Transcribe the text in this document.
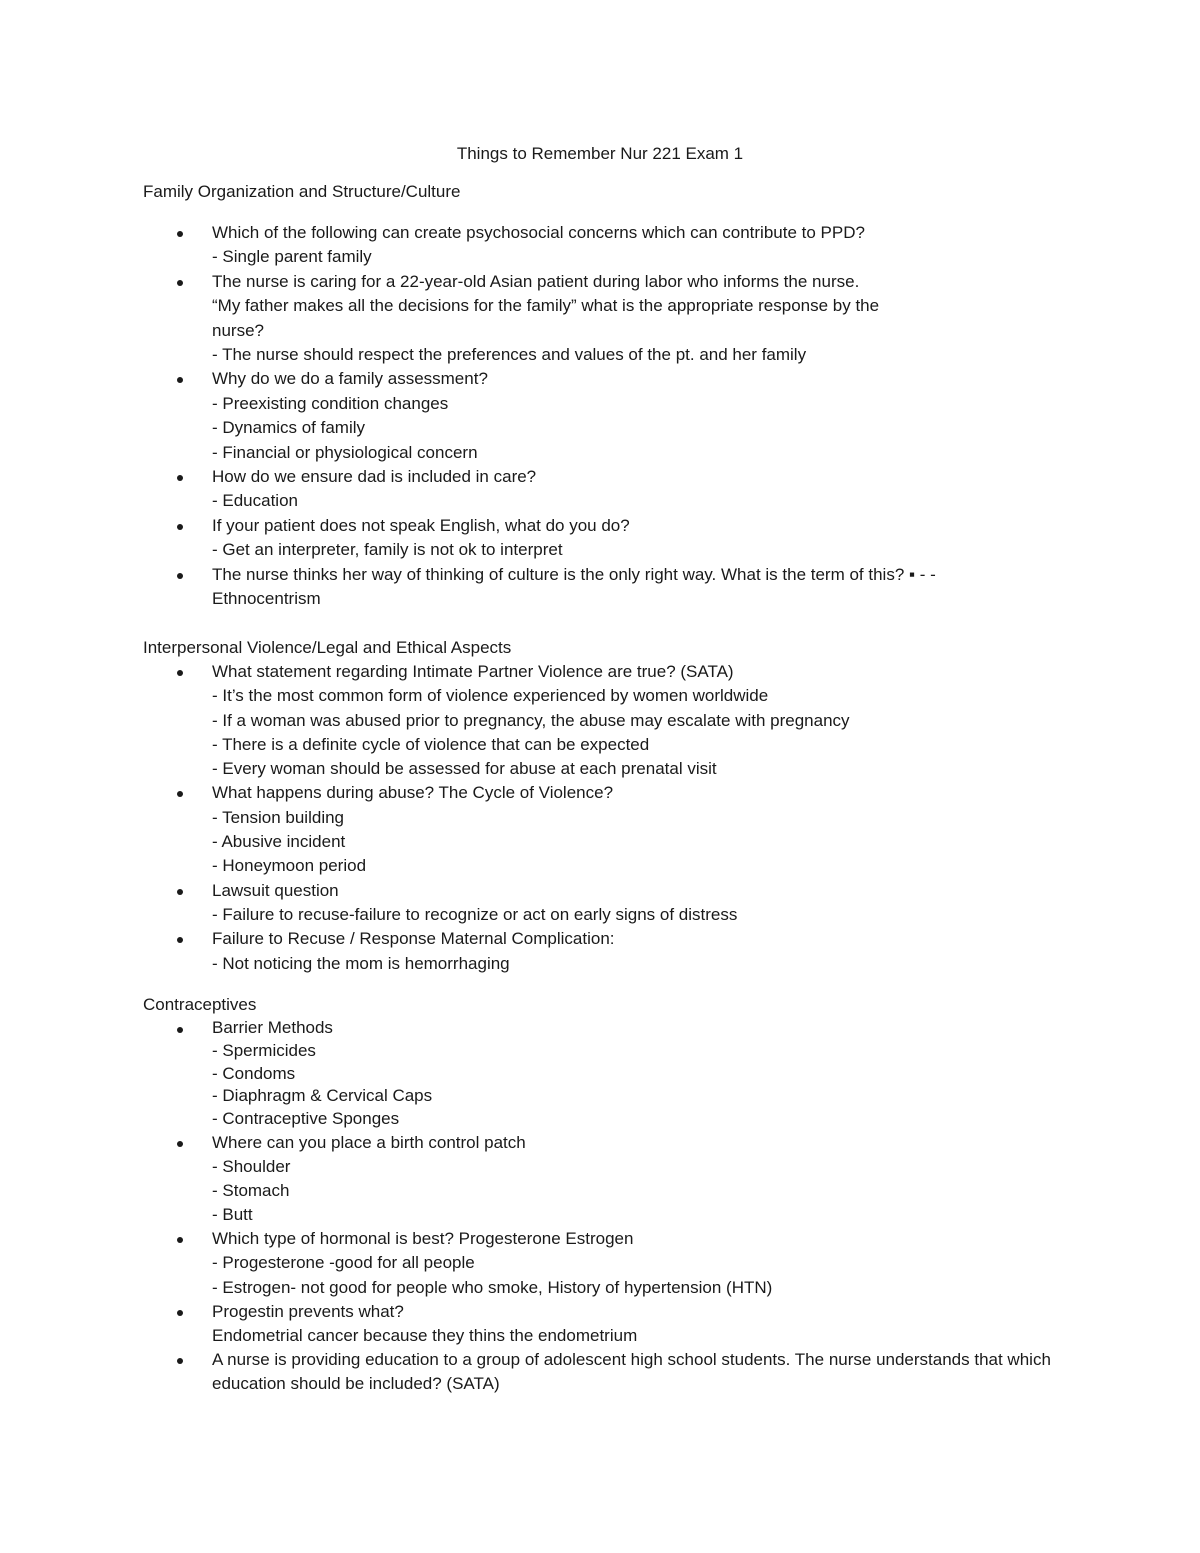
Things to Remember Nur 221 Exam 1
Family Organization and Structure/Culture
Which of the following can create psychosocial concerns which can contribute to PPD?
- Single parent family
The nurse is caring for a 22-year-old Asian patient during labor who informs the nurse.
“My father makes all the decisions for the family” what is the appropriate response by the nurse?
- The nurse should respect the preferences and values of the pt. and her family
Why do we do a family assessment?
- Preexisting condition changes
- Dynamics of family
- Financial or physiological concern
How do we ensure dad is included in care?
- Education
If your patient does not speak English, what do you do?
- Get an interpreter, family is not ok to interpret
The nurse thinks her way of thinking of culture is the only right way. What is the term of this? ▪ - -
Ethnocentrism
Interpersonal Violence/Legal and Ethical Aspects
What statement regarding Intimate Partner Violence are true? (SATA)
- It’s the most common form of violence experienced by women worldwide
- If a woman was abused prior to pregnancy, the abuse may escalate with pregnancy
- There is a definite cycle of violence that can be expected
- Every woman should be assessed for abuse at each prenatal visit
What happens during abuse? The Cycle of Violence?
- Tension building
- Abusive incident
- Honeymoon period
Lawsuit question
- Failure to recuse-failure to recognize or act on early signs of distress
Failure to Recuse / Response Maternal Complication:
- Not noticing the mom is hemorrhaging
Contraceptives
Barrier Methods
- Spermicides
- Condoms
- Diaphragm & Cervical Caps
- Contraceptive Sponges
Where can you place a birth control patch
- Shoulder
- Stomach
- Butt
Which type of hormonal is best? Progesterone Estrogen
- Progesterone -good for all people
- Estrogen- not good for people who smoke, History of hypertension (HTN)
Progestin prevents what?
Endometrial cancer because they thins the endometrium
A nurse is providing education to a group of adolescent high school students. The nurse understands that which education should be included? (SATA)
